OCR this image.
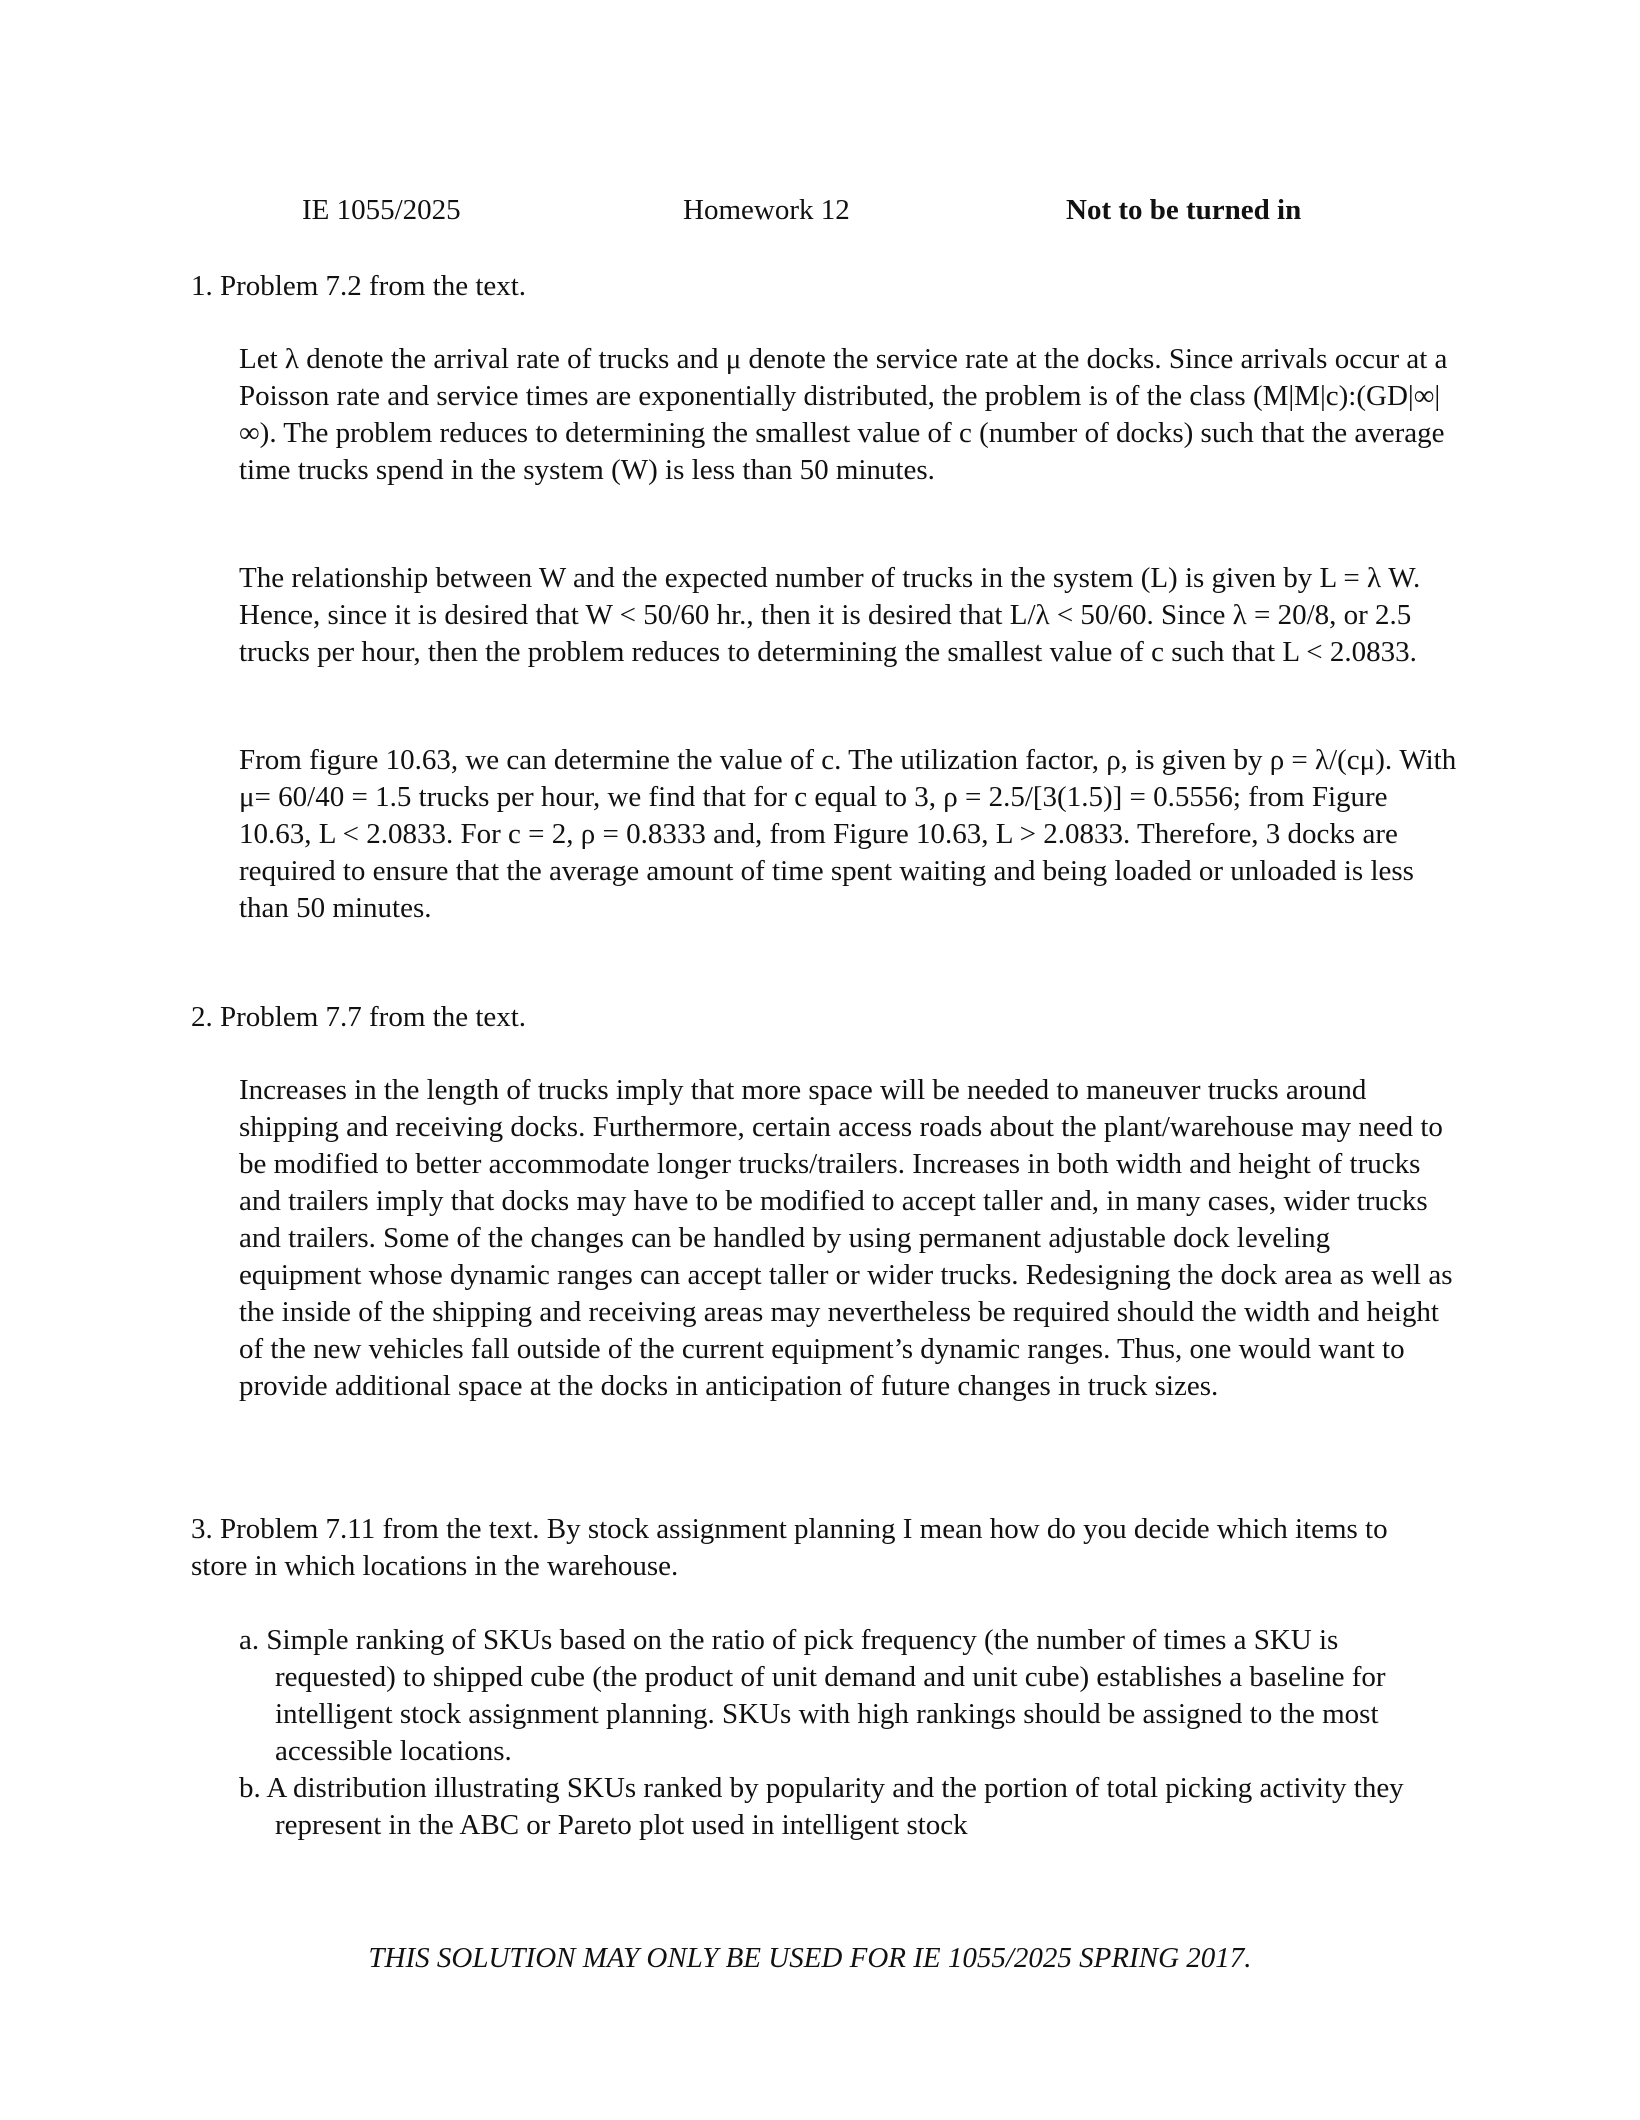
IE 1055/2025	Homework 12	Not to be turned in

1. Problem 7.2 from the text.

Let λ denote the arrival rate of trucks and μ denote the service rate at the docks. Since arrivals occur at a Poisson rate and service times are exponentially distributed, the problem is of the class (M|M|c):(GD|∞|∞). The problem reduces to determining the smallest value of c (number of docks) such that the average time trucks spend in the system (W) is less than 50 minutes.

The relationship between W and the expected number of trucks in the system (L) is given by L = λ W. Hence, since it is desired that W < 50/60 hr., then it is desired that L/λ < 50/60. Since λ = 20/8, or 2.5 trucks per hour, then the problem reduces to determining the smallest value of c such that L < 2.0833.

From figure 10.63, we can determine the value of c. The utilization factor, ρ, is given by ρ = λ/(cμ). With μ= 60/40 = 1.5 trucks per hour, we find that for c equal to 3, ρ = 2.5/[3(1.5)] = 0.5556; from Figure 10.63, L < 2.0833. For c = 2, ρ = 0.8333 and, from Figure 10.63, L > 2.0833. Therefore, 3 docks are required to ensure that the average amount of time spent waiting and being loaded or unloaded is less than 50 minutes.

2. Problem 7.7 from the text.

Increases in the length of trucks imply that more space will be needed to maneuver trucks around shipping and receiving docks. Furthermore, certain access roads about the plant/warehouse may need to be modified to better accommodate longer trucks/trailers. Increases in both width and height of trucks and trailers imply that docks may have to be modified to accept taller and, in many cases, wider trucks and trailers. Some of the changes can be handled by using permanent adjustable dock leveling equipment whose dynamic ranges can accept taller or wider trucks. Redesigning the dock area as well as the inside of the shipping and receiving areas may nevertheless be required should the width and height of the new vehicles fall outside of the current equipment’s dynamic ranges. Thus, one would want to provide additional space at the docks in anticipation of future changes in truck sizes.

3. Problem 7.11 from the text. By stock assignment planning I mean how do you decide which items to store in which locations in the warehouse.

a. Simple ranking of SKUs based on the ratio of pick frequency (the number of times a SKU is requested) to shipped cube (the product of unit demand and unit cube) establishes a baseline for intelligent stock assignment planning. SKUs with high rankings should be assigned to the most accessible locations.

b. A distribution illustrating SKUs ranked by popularity and the portion of total picking activity they represent in the ABC or Pareto plot used in intelligent stock

THIS SOLUTION MAY ONLY BE USED FOR IE 1055/2025 SPRING 2017.
